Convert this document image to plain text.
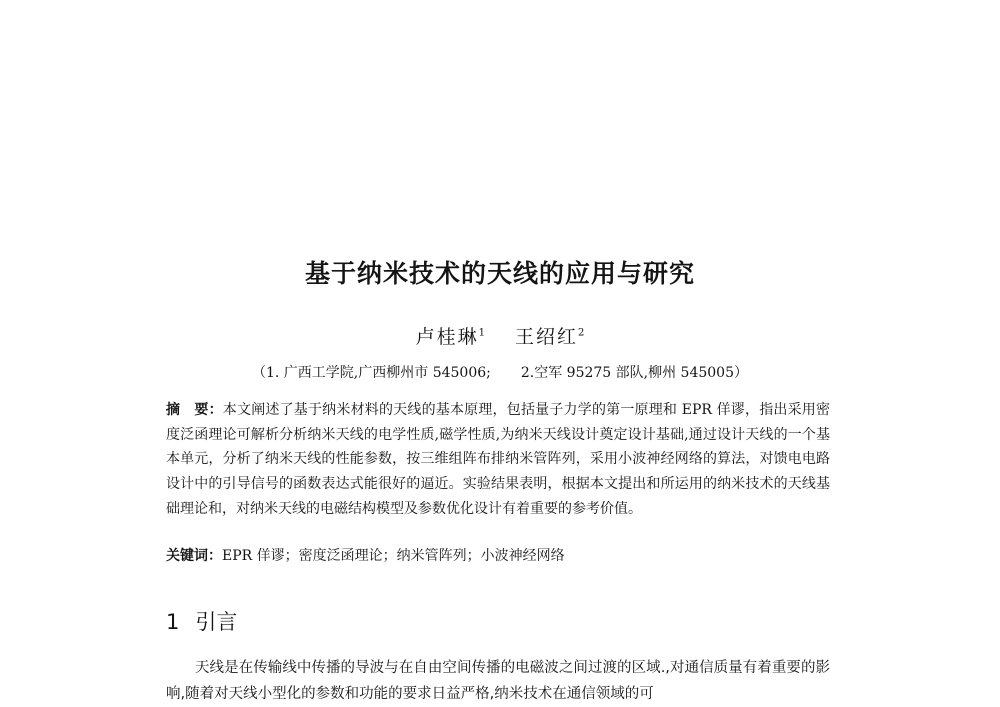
基于纳米技术的天线的应用与研究
卢桂琳$^1$ 王绍红$^2$
（1. 广西工学院,广西柳州市 545006; 2.空军 95275 部队,柳州 545005）

摘　要：本文阐述了基于纳米材料的天线的基本原理，包括量子力学的第一原理和 EPR 佯谬，指出采用密度泛函理论可解析分析纳米天线的电学性质,磁学性质,为纳米天线设计奠定设计基础,通过设计天线的一个基本单元，分析了纳米天线的性能参数，按三维组阵布排纳米管阵列，采用小波神经网络的算法，对馈电电路设计中的引导信号的函数表达式能很好的逼近。实验结果表明，根据本文提出和所运用的纳米技术的天线基础理论和，对纳米天线的电磁结构模型及参数优化设计有着重要的参考价值。

关键词：EPR 佯谬；密度泛函理论；纳米管阵列；小波神经网络

1 引言

天线是在传输线中传播的导波与在自由空间传播的电磁波之间过渡的区域.,对通信质量有着重要的影响,随着对天线小型化的参数和功能的要求日益严格,纳米技术在通信领域的可
